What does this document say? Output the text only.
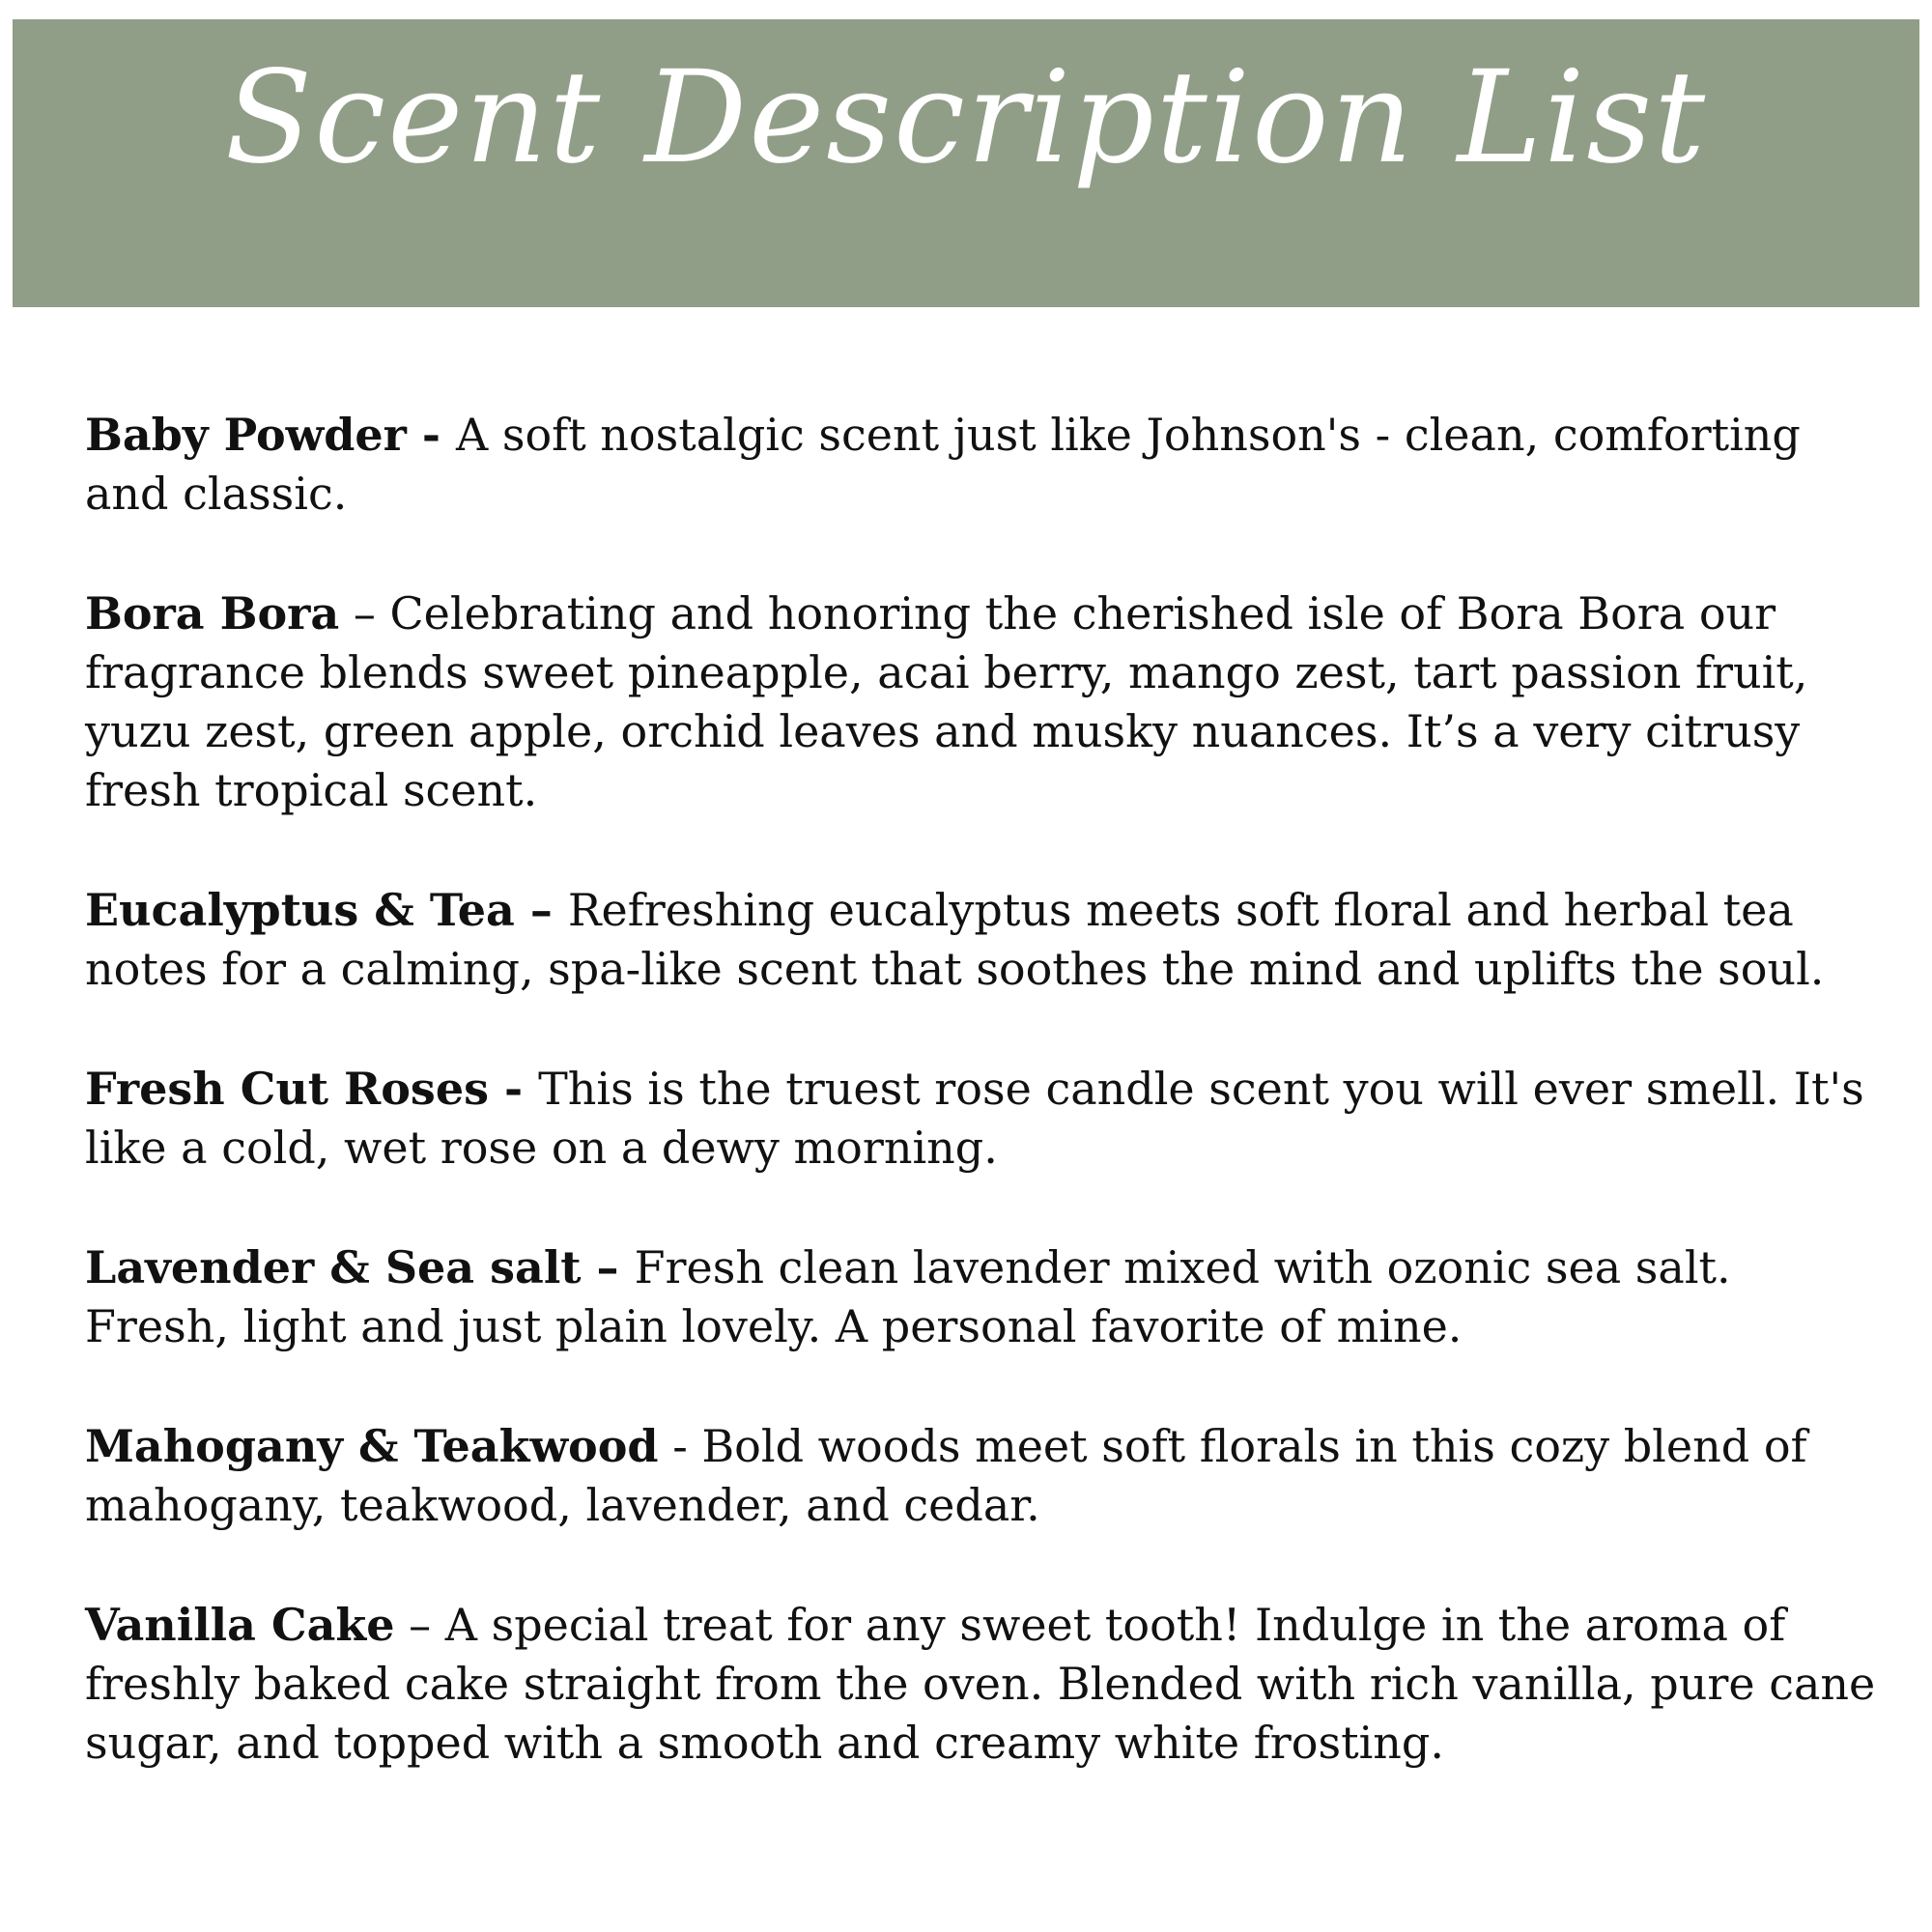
Scent Description List
Baby Powder - A soft nostalgic scent just like Johnson's - clean, comforting and classic.
Bora Bora – Celebrating and honoring the cherished isle of Bora Bora our fragrance blends sweet pineapple, acai berry, mango zest, tart passion fruit, yuzu zest, green apple, orchid leaves and musky nuances. It’s a very citrusy fresh tropical scent.
Eucalyptus & Tea – Refreshing eucalyptus meets soft floral and herbal tea notes for a calming, spa-like scent that soothes the mind and uplifts the soul.
Fresh Cut Roses - This is the truest rose candle scent you will ever smell. It's like a cold, wet rose on a dewy morning.
Lavender & Sea salt – Fresh clean lavender mixed with ozonic sea salt. Fresh, light and just plain lovely. A personal favorite of mine.
Mahogany & Teakwood - Bold woods meet soft florals in this cozy blend of mahogany, teakwood, lavender, and cedar.
Vanilla Cake – A special treat for any sweet tooth! Indulge in the aroma of freshly baked cake straight from the oven. Blended with rich vanilla, pure cane sugar, and topped with a smooth and creamy white frosting.
